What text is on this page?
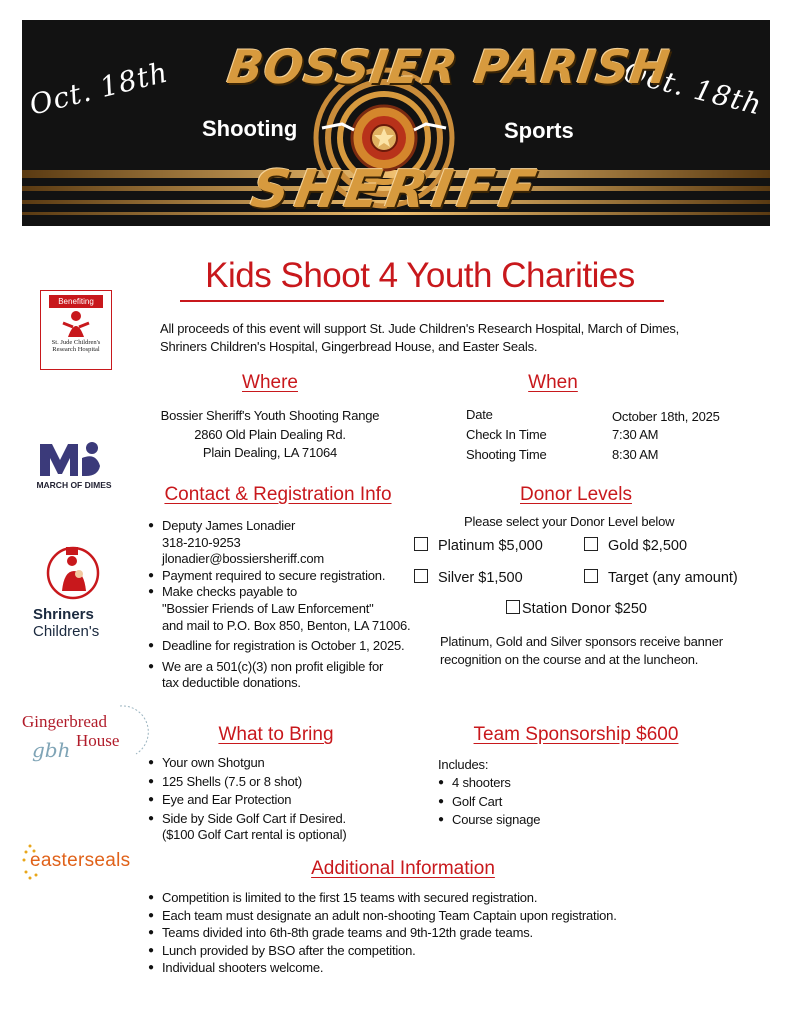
Oct. 18th	Oct. 18th
BOSSIER PARISH
Shooting	Sports
SHERIFF
Kids Shoot 4 Youth Charities
All proceeds of this event will support St. Jude Children's Research Hospital, March of Dimes,
Shriners Children's Hospital, Gingerbread House, and Easter Seals.
Where
Bossier Sheriff's Youth Shooting Range
2860 Old Plain Dealing Rd.
Plain Dealing, LA 71064
When
Date	October 18th, 2025
Check In Time	7:30 AM
Shooting Time	8:30 AM
Contact & Registration Info
● Deputy James Lonadier
318-210-9253
jlonadier@bossiersheriff.com
● Payment required to secure registration.
● Make checks payable to
"Bossier Friends of Law Enforcement"
and mail to P.O. Box 850, Benton, LA 71006.
● Deadline for registration is October 1, 2025.
● We are a 501(c)(3) non profit eligible for
tax deductible donations.
Donor Levels
Please select your Donor Level below
Platinum $5,000	Gold $2,500
Silver $1,500	Target (any amount)
Station Donor $250
Platinum, Gold and Silver sponsors receive banner
recognition on the course and at the luncheon.
What to Bring
● Your own Shotgun
● 125 Shells (7.5 or 8 shot)
● Eye and Ear Protection
● Side by Side Golf Cart if Desired.
($100 Golf Cart rental is optional)
Team Sponsorship $600
Includes:
● 4 shooters
● Golf Cart
● Course signage
Additional Information
● Competition is limited to the first 15 teams with secured registration.
● Each team must designate an adult non-shooting Team Captain upon registration.
● Teams divided into 6th-8th grade teams and 9th-12th grade teams.
● Lunch provided by BSO after the competition.
● Individual shooters welcome.
Benefiting
St. Jude Children's
Research Hospital
MARCH OF DIMES
Shriners
Children's
Gingerbread
House
gbh
easterseals
